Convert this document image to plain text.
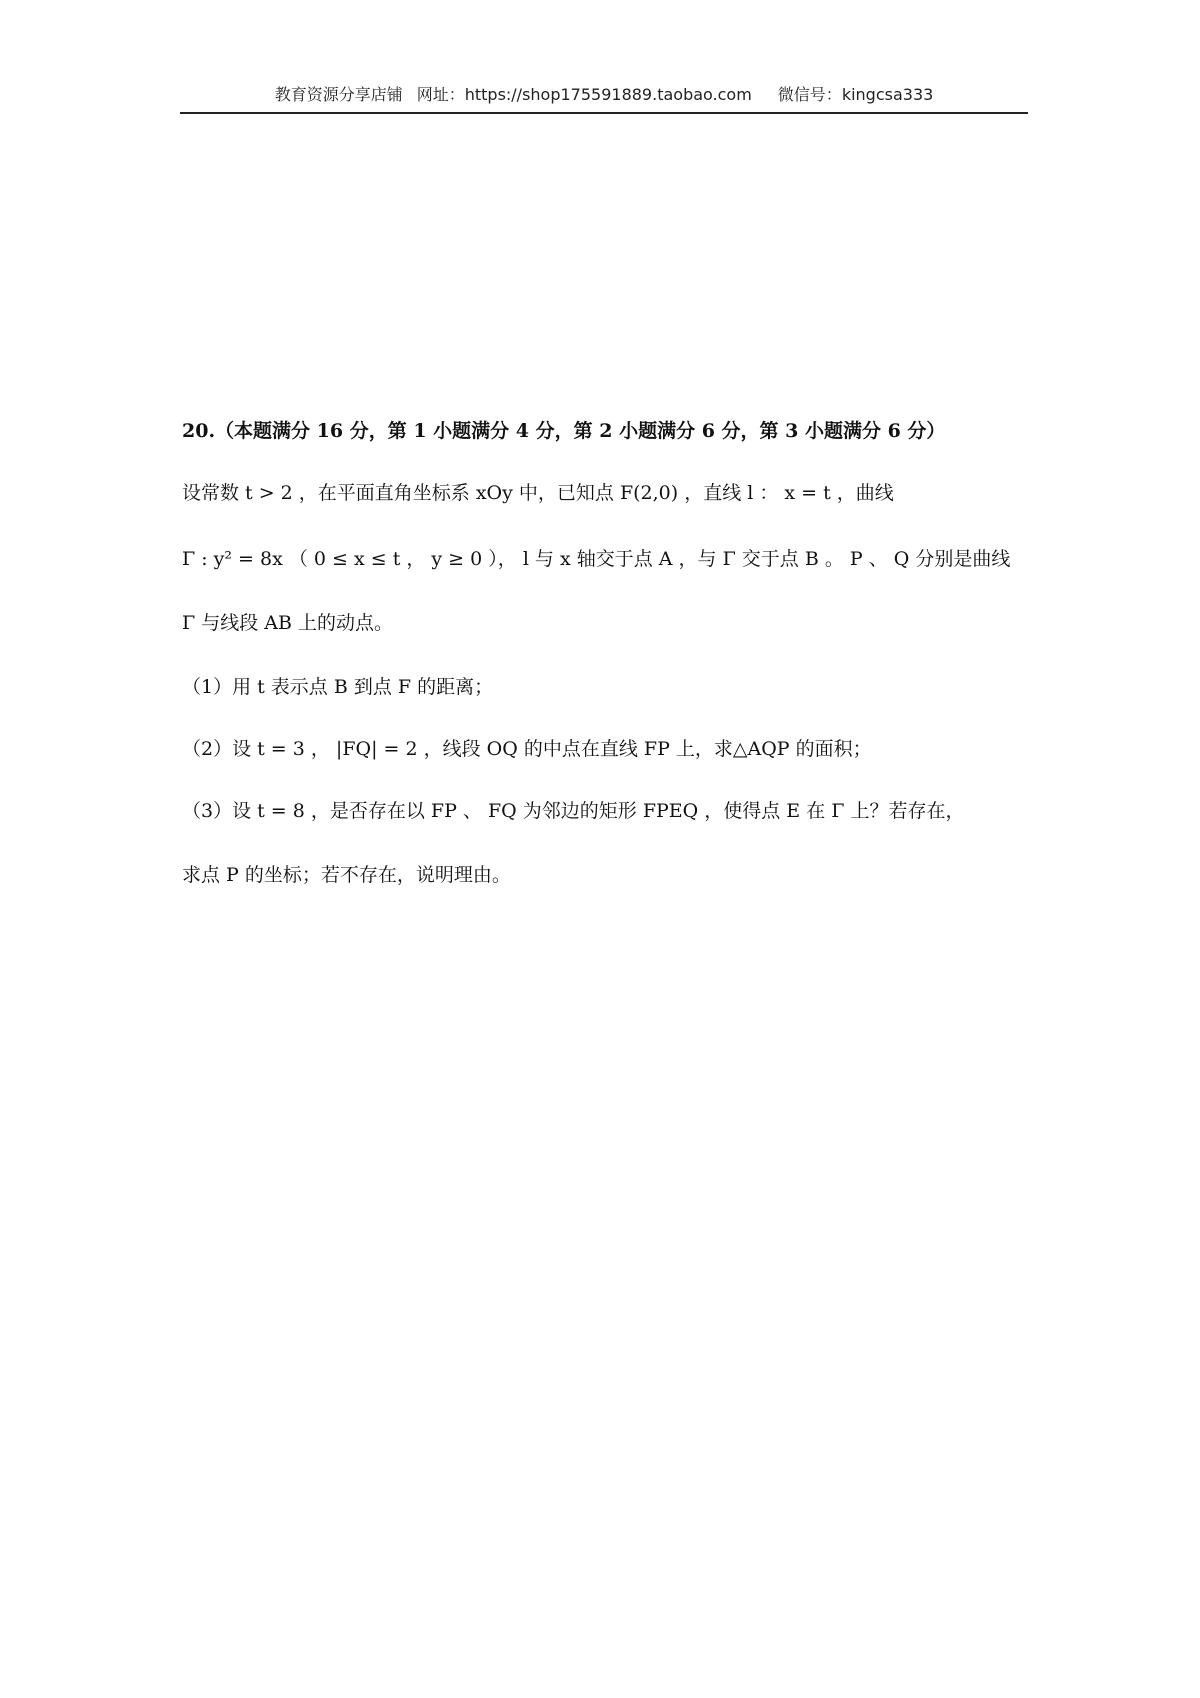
教育资源分享店铺 网址：https://shop175591889.taobao.com 微信号：kingcsa333
20.（本题满分 16 分，第 1 小题满分 4 分，第 2 小题满分 6 分，第 3 小题满分 6 分）
设常数 t > 2 ，在平面直角坐标系 xOy 中，已知点 F(2,0) ，直线 l ： x = t ，曲线
Γ : y² = 8x （ 0 ≤ x ≤ t ， y ≥ 0 ）， l 与 x 轴交于点 A ，与 Γ 交于点 B 。 P 、 Q 分别是曲线
Γ 与线段 AB 上的动点。
（1）用 t 表示点 B 到点 F 的距离；
（2）设 t = 3 ， |FQ| = 2 ，线段 OQ 的中点在直线 FP 上，求△AQP 的面积；
（3）设 t = 8 ，是否存在以 FP 、 FQ 为邻边的矩形 FPEQ ，使得点 E 在 Γ 上？若存在，
求点 P 的坐标；若不存在，说明理由。
